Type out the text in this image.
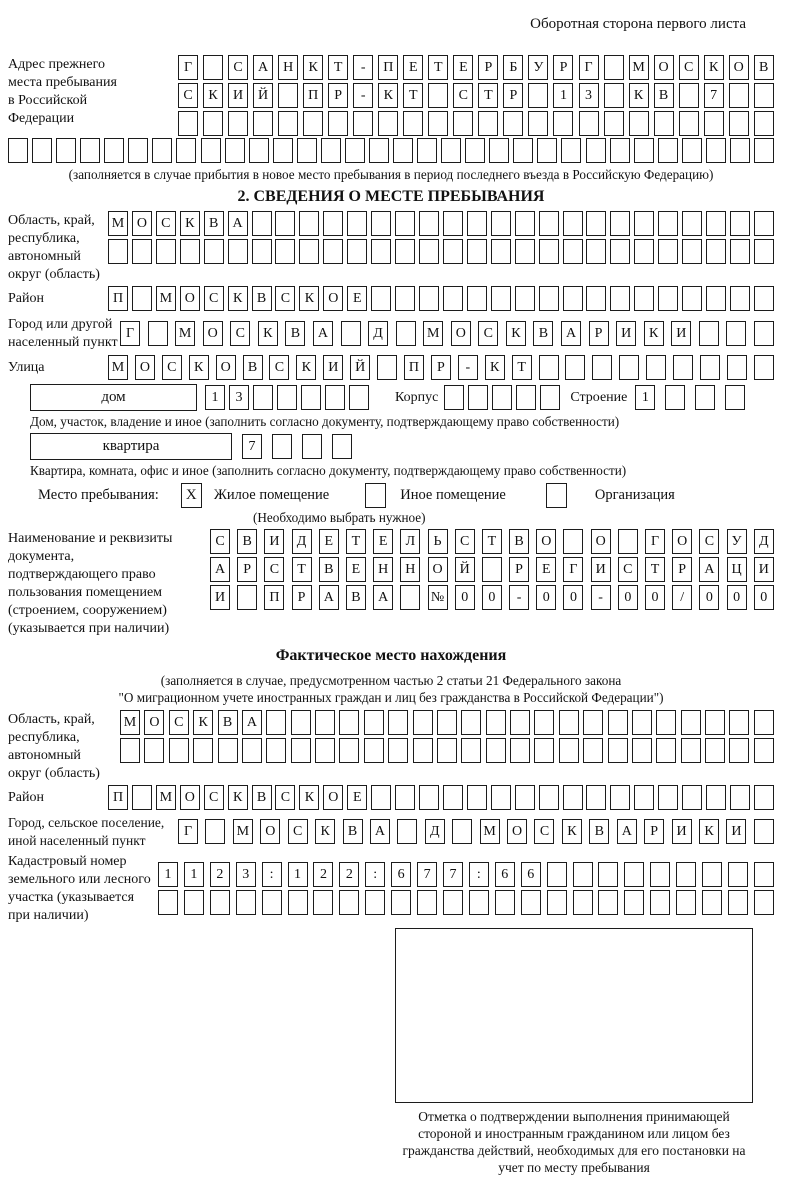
Оборотная сторона первого листа
Адрес прежнего места пребывания в Российской Федерации
Г	С	А	Н	К	Т	-	П	Е	Т	Е	Р	Б	У	Р	Г	М О	С	К	О	В
С	К	И	Й	П	Р	-	К	Т	С	Т	Р	1	3	К	В	7
(заполняется в случае прибытия в новое место пребывания в период последнего въезда в Российскую Федерацию)
2. СВЕДЕНИЯ О МЕСТЕ ПРЕБЫВАНИЯ
Область, край, республика, автономный округ (область)
М О	С	К	В	А
Район	П	М О	С	К	В	С	К	О	Е
Город или другой населенный пункт
Г	М	О	С	К	В	А	Д	М	О	С	К	В	А	Р	И	К	И
Улица	М	О	С	К	О	В	С	К	И	Й	П	Р	-	К	Т
дом	1	3	Корпус	Строение	1
Дом, участок, владение и иное (заполнить согласно документу, подтверждающему право собственности)
квартира	7
Квартира, комната, офис и иное (заполнить согласно документу, подтверждающему право собственности)
Место пребывания:	X	Жилое помещение	Иное помещение	Организация
(Необходимо выбрать нужное)
Наименование и реквизиты документа, подтверждающего право пользования помещением (строением, сооружением) (указывается при наличии)
С	В	И	Д	Е	Т	Е	Л	Ь	С	Т	В	О	О	Г	О	С	У	Д
А	Р	С	Т	В	Е	Н	Н	О	Й	Р	Е	Г	И	С	Т	Р	А	Ц	И
И	П	Р	А	В	А	№	0	0	-	0	0	-	0	0	/	0	0	0
Фактическое место нахождения
(заполняется в случае, предусмотренном частью 2 статьи 21 Федерального закона
"О миграционном учете иностранных граждан и лиц без гражданства в Российской Федерации")
Область, край, республика, автономный округ (область)
М О	С	К	В	А
Район	П	М О	С	К	В	С	К	О	Е
Город, сельское поселение, иной населенный пункт
Г	М	О	С	К	В	А	Д	М	О	С	К	В	А	Р	И	К	И
Кадастровый номер земельного или лесного участка (указывается при наличии)
1	1	2	3	:	1	2	2	:	6	7	7	:	6	6
Отметка о подтверждении выполнения принимающей стороной и иностранным гражданином или лицом без гражданства действий, необходимых для его постановки на учет по месту пребывания
